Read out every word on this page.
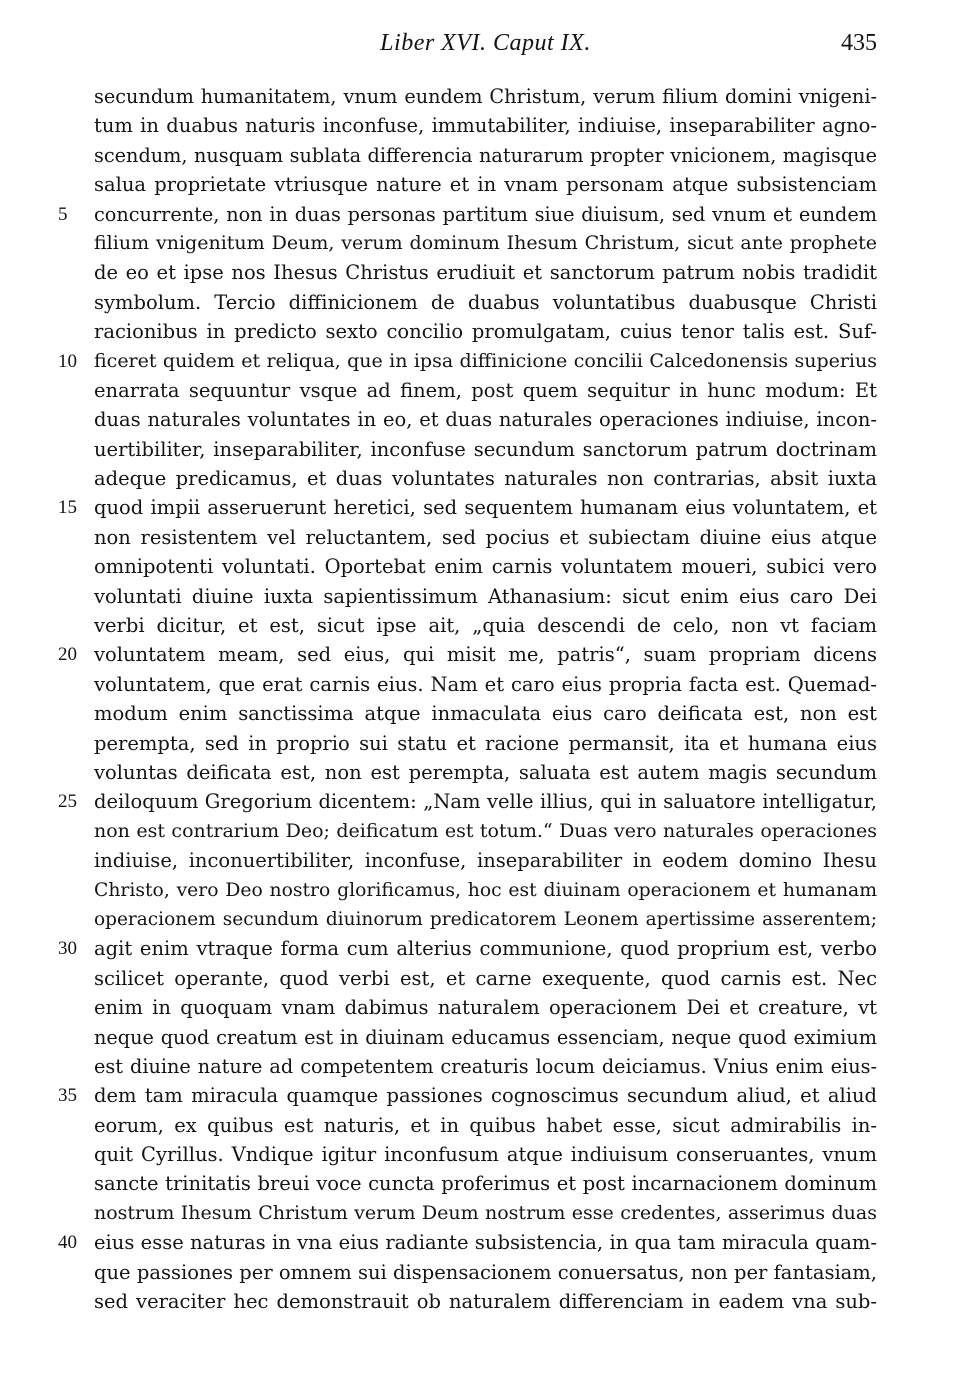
Liber XVI. Caput IX.	435
secundum humanitatem, vnum eundem Christum, verum filium domini vnigeni-
tum in duabus naturis inconfuse, immutabiliter, indiuise, inseparabiliter agno-
scendum, nusquam sublata differencia naturarum propter vnicionem, magisque
salua proprietate vtriusque nature et in vnam personam atque subsistenciam
5	concurrente, non in duas personas partitum siue diuisum, sed vnum et eundem
filium vnigenitum Deum, verum dominum Ihesum Christum, sicut ante prophete
de eo et ipse nos Ihesus Christus erudiuit et sanctorum patrum nobis tradidit
symbolum. Tercio diffinicionem de duabus voluntatibus duabusque Christi
racionibus in predicto sexto concilio promulgatam, cuius tenor talis est. Suf-
10 ficeret quidem et reliqua, que in ipsa diffinicione concilii Calcedonensis superius
enarrata sequuntur vsque ad finem, post quem sequitur in hunc modum: Et
duas naturales voluntates in eo, et duas naturales operaciones indiuise, incon-
uertibiliter, inseparabiliter, inconfuse secundum sanctorum patrum doctrinam
adeque predicamus, et duas voluntates naturales non contrarias, absit iuxta
15 quod impii asseruerunt heretici, sed sequentem humanam eius voluntatem, et
non resistentem vel reluctantem, sed pocius et subiectam diuine eius atque
omnipotenti voluntati. Oportebat enim carnis voluntatem moueri, subici vero
voluntati diuine iuxta sapientissimum Athanasium: sicut enim eius caro Dei
verbi dicitur, et est, sicut ipse ait, „quia descendi de celo, non vt faciam
20 voluntatem meam, sed eius, qui misit me, patris“, suam propriam dicens
voluntatem, que erat carnis eius. Nam et caro eius propria facta est. Quemad-
modum enim sanctissima atque inmaculata eius caro deificata est, non est
perempta, sed in proprio sui statu et racione permansit, ita et humana eius
voluntas deificata est, non est perempta, saluata est autem magis secundum
25 deiloquum Gregorium dicentem: „Nam velle illius, qui in saluatore intelligatur,
non est contrarium Deo; deificatum est totum.“ Duas vero naturales operaciones
indiuise, inconuertibiliter, inconfuse, inseparabiliter in eodem domino Ihesu
Christo, vero Deo nostro glorificamus, hoc est diuinam operacionem et humanam
operacionem secundum diuinorum predicatorem Leonem apertissime asserentem;
30 agit enim vtraque forma cum alterius communione, quod proprium est, verbo
scilicet operante, quod verbi est, et carne exequente, quod carnis est. Nec
enim in quoquam vnam dabimus naturalem operacionem Dei et creature, vt
neque quod creatum est in diuinam educamus essenciam, neque quod eximium
est diuine nature ad competentem creaturis locum deiciamus. Vnius enim eius-
35 dem tam miracula quamque passiones cognoscimus secundum aliud, et aliud
eorum, ex quibus est naturis, et in quibus habet esse, sicut admirabilis in-
quit Cyrillus. Vndique igitur inconfusum atque indiuisum conseruantes, vnum
sancte trinitatis breui voce cuncta proferimus et post incarnacionem dominum
nostrum Ihesum Christum verum Deum nostrum esse credentes, asserimus duas
40 eius esse naturas in vna eius radiante subsistencia, in qua tam miracula quam-
que passiones per omnem sui dispensacionem conuersatus, non per fantasiam,
sed veraciter hec demonstrauit ob naturalem differenciam in eadem vna sub-
